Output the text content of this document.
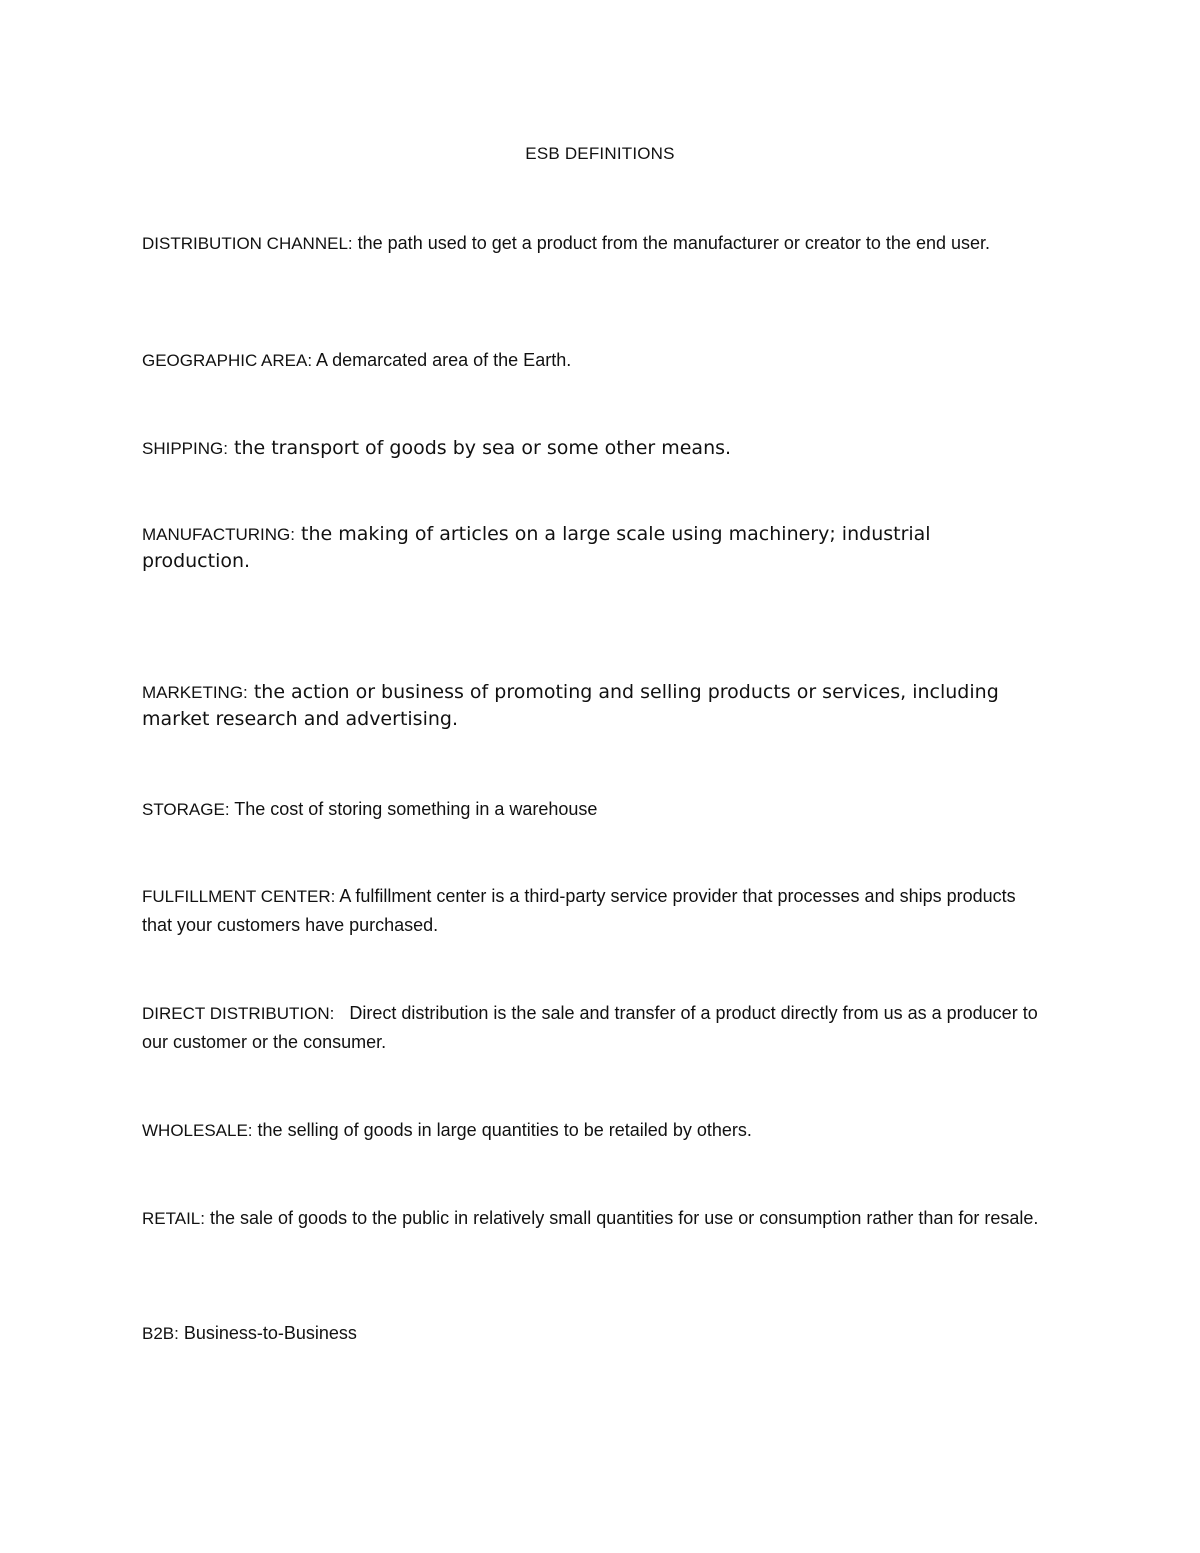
ESB DEFINITIONS

DISTRIBUTION CHANNEL: the path used to get a product from the manufacturer or creator to the end user.

GEOGRAPHIC AREA: A demarcated area of the Earth.

SHIPPING: the transport of goods by sea or some other means.

MANUFACTURING: the making of articles on a large scale using machinery; industrial production.

MARKETING: the action or business of promoting and selling products or services, including market research and advertising.

STORAGE: The cost of storing something in a warehouse

FULFILLMENT CENTER: A fulfillment center is a third-party service provider that processes and ships products that your customers have purchased.

DIRECT DISTRIBUTION:   Direct distribution is the sale and transfer of a product directly from us as a producer to our customer or the consumer.

WHOLESALE: the selling of goods in large quantities to be retailed by others.

RETAIL: the sale of goods to the public in relatively small quantities for use or consumption rather than for resale.

B2B: Business-to-Business
